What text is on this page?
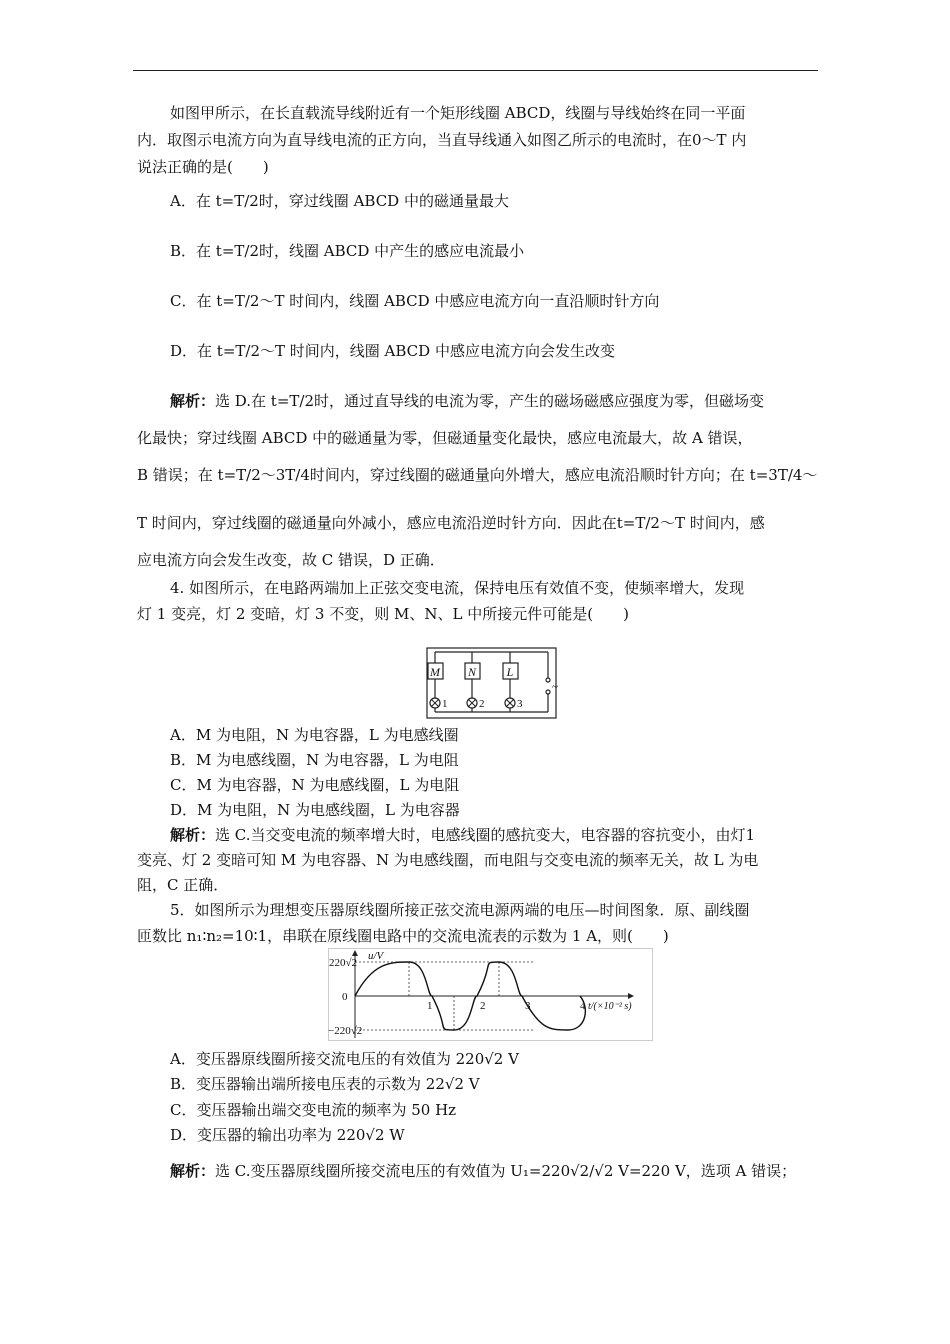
如图甲所示，在长直载流导线附近有一个矩形线圈 ABCD，线圈与导线始终在同一平面
内．取图示电流方向为直导线电流的正方向，当直导线通入如图乙所示的电流时，在0～T 内
说法正确的是(　　)
A．在 t=T/2时，穿过线圈 ABCD 中的磁通量最大
B．在 t=T/2时，线圈 ABCD 中产生的感应电流最小
C．在 t=T/2～T 时间内，线圈 ABCD 中感应电流方向一直沿顺时针方向
D．在 t=T/2～T 时间内，线圈 ABCD 中感应电流方向会发生改变
解析：选 D.在 t=T/2时，通过直导线的电流为零，产生的磁场磁感应强度为零，但磁场变
化最快；穿过线圈 ABCD 中的磁通量为零，但磁通量变化最快，感应电流最大，故 A 错误，
B 错误；在 t=T/2～3T/4时间内，穿过线圈的磁通量向外增大，感应电流沿顺时针方向；在 t=3T/4～
T 时间内，穿过线圈的磁通量向外减小，感应电流沿逆时针方向．因此在t=T/2～T 时间内，感
应电流方向会发生改变，故 C 错误，D 正确．
4. 如图所示，在电路两端加上正弦交变电流，保持电压有效值不变，使频率增大，发现
灯 1 变亮，灯 2 变暗，灯 3 不变，则 M、N、L 中所接元件可能是(　　)
M N	L
1	2	3
~
A．M 为电阻，N 为电容器，L 为电感线圈
B．M 为电感线圈，N 为电容器，L 为电阻
C．M 为电容器，N 为电感线圈，L 为电阻
D．M 为电阻，N 为电感线圈，L 为电容器
解析：选 C.当交变电流的频率增大时，电感线圈的感抗变大，电容器的容抗变小，由灯1
变亮、灯 2 变暗可知 M 为电容器、N 为电感线圈，而电阻与交变电流的频率无关，故 L 为电
阻，C 正确．
5．如图所示为理想变压器原线圈所接正弦交流电源两端的电压—时间图象．原、副线圈
匝数比 n₁∶n₂=10∶1，串联在原线圈电路中的交流电流表的示数为 1 A，则(　　)
u/V
220√2
0
−220√2
1	2	3	4 t/(×10⁻² s)
A．变压器原线圈所接交流电压的有效值为 220√2 V
B．变压器输出端所接电压表的示数为 22√2 V
C．变压器输出端交变电流的频率为 50 Hz
D．变压器的输出功率为 220√2 W
解析：选 C.变压器原线圈所接交流电压的有效值为 U₁=220√2/√2 V=220 V，选项 A 错误；
